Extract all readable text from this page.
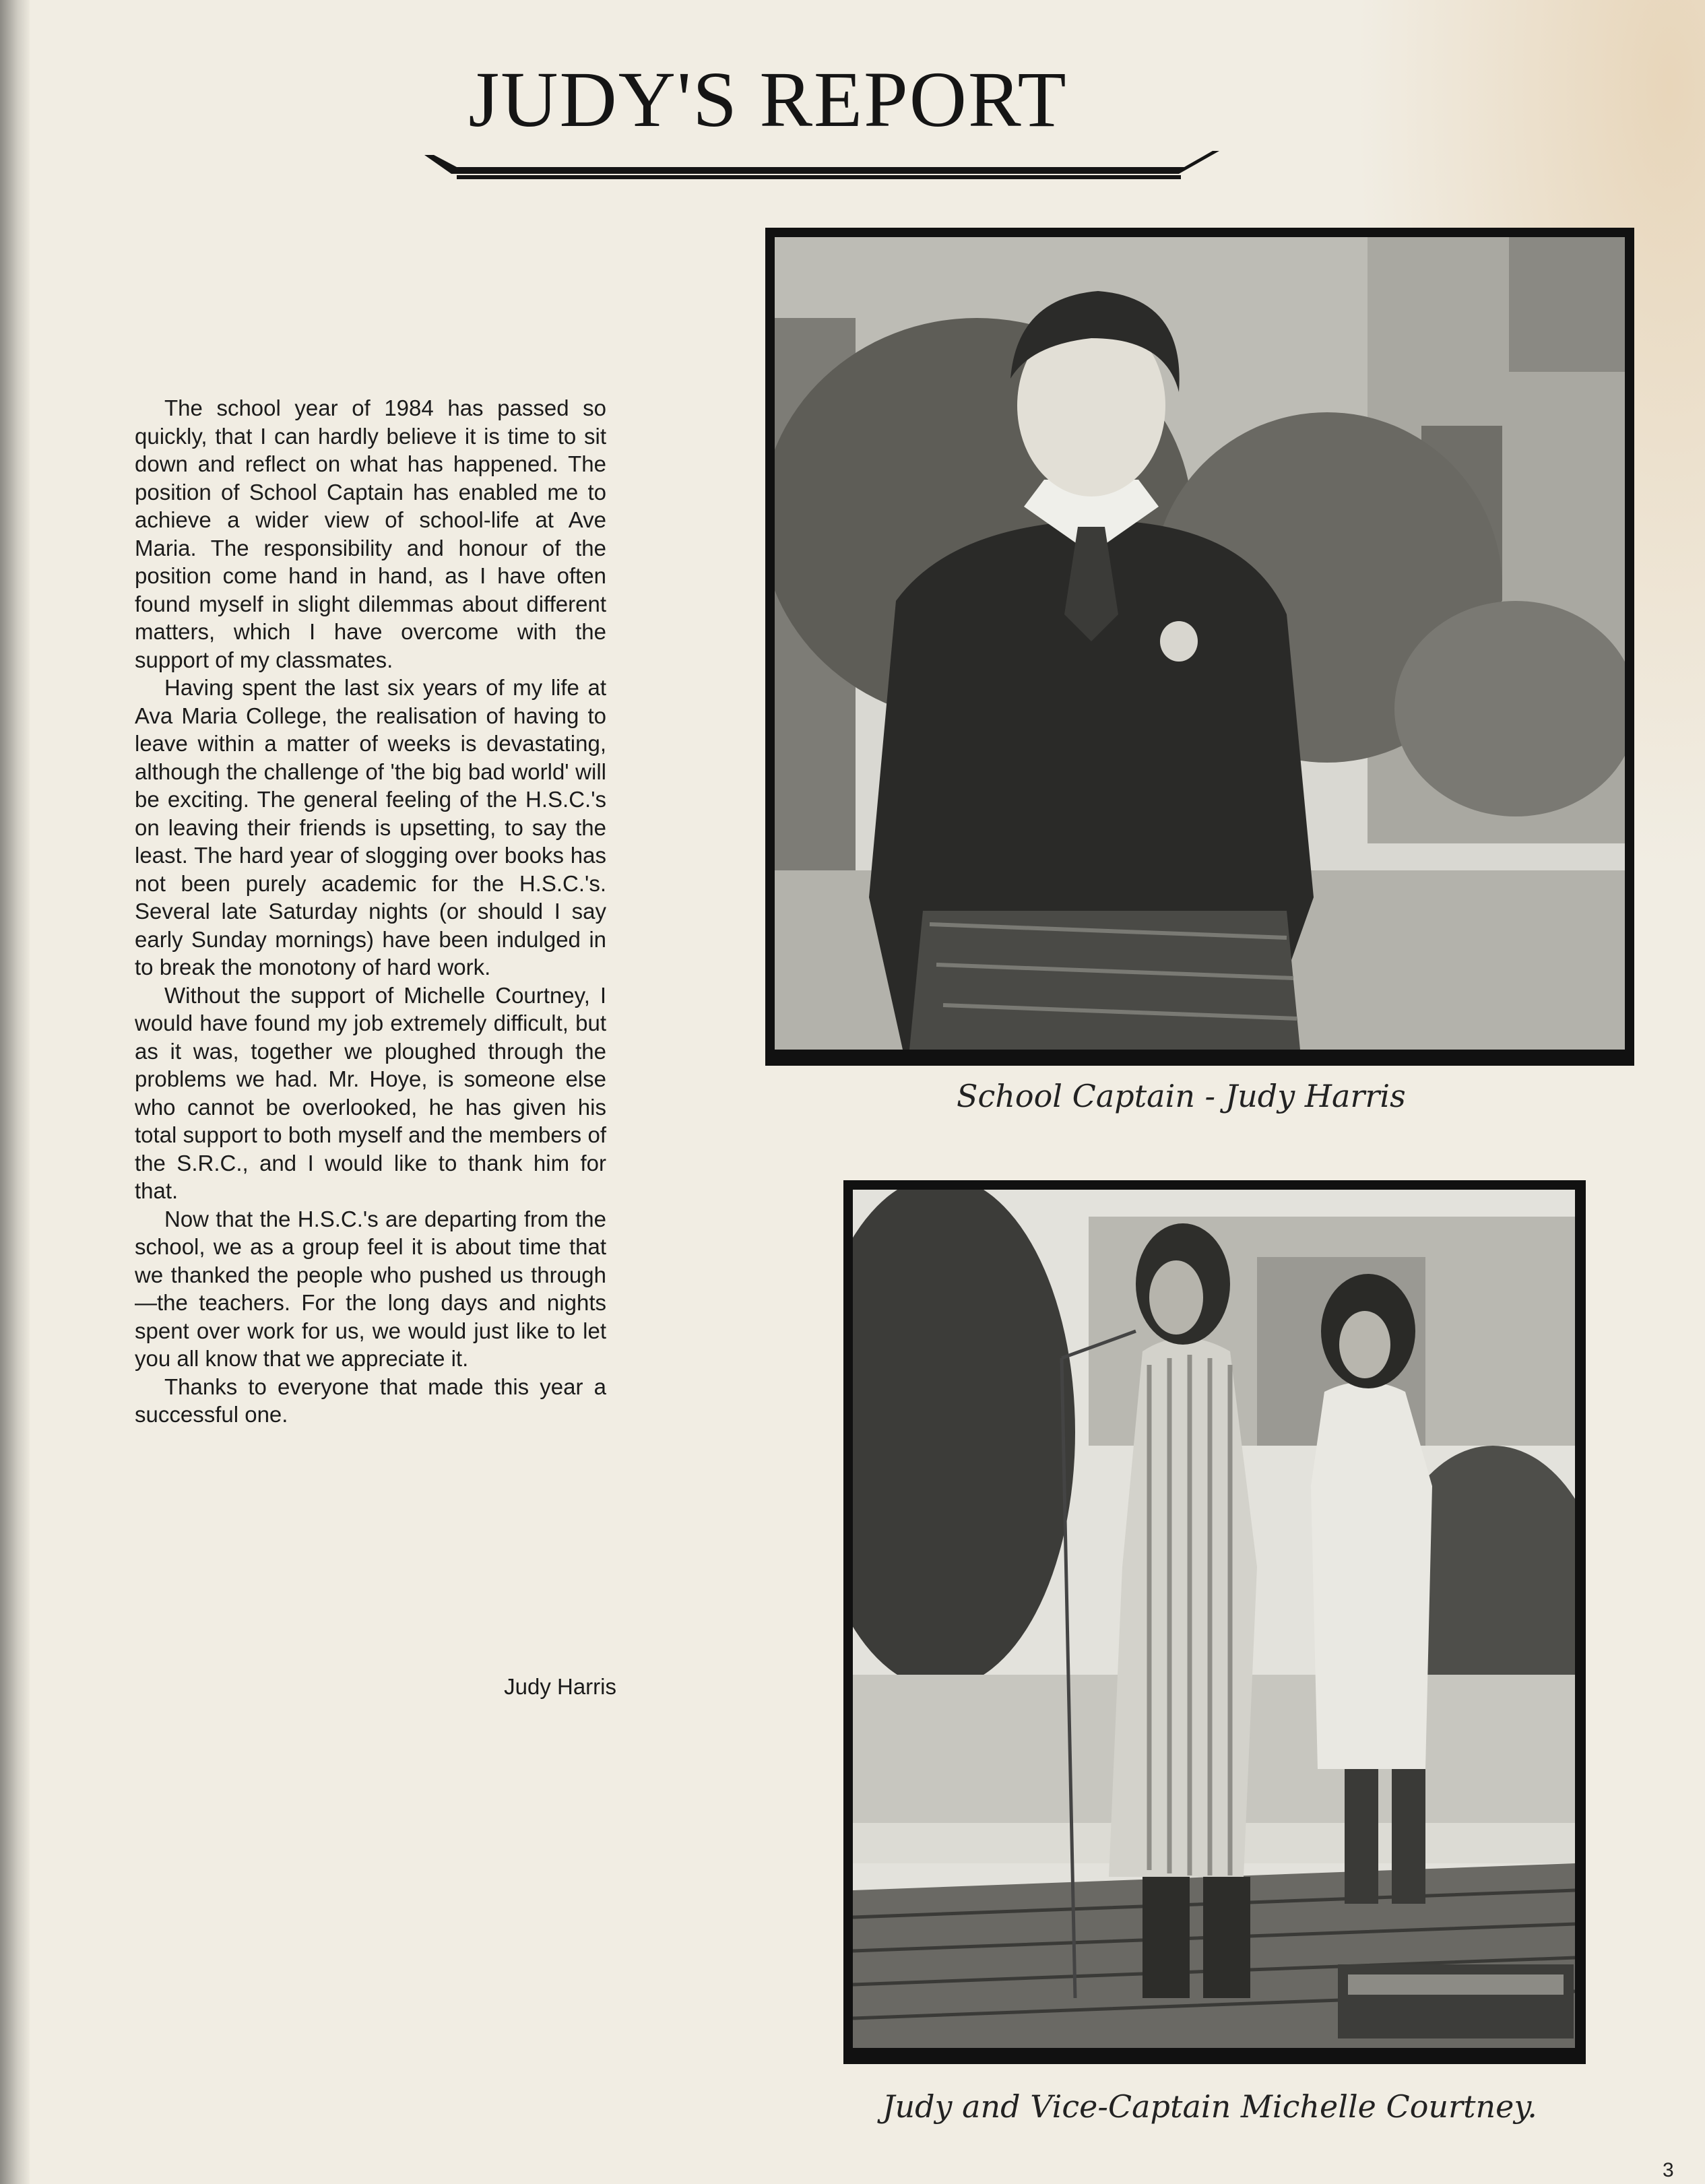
JUDY'S REPORT

The school year of 1984 has passed so quickly, that I can hardly believe it is time to sit down and reflect on what has happened. The position of School Captain has enabled me to achieve a wider view of school-life at Ave Maria. The responsibility and honour of the position come hand in hand, as I have often found myself in slight dilemmas about different matters, which I have overcome with the support of my classmates.

Having spent the last six years of my life at Ava Maria College, the realisation of having to leave within a matter of weeks is devastating, although the challenge of 'the big bad world' will be exciting. The general feeling of the H.S.C.'s on leaving their friends is upsetting, to say the least. The hard year of slogging over books has not been purely academic for the H.S.C.'s. Several late Saturday nights (or should I say early Sunday mornings) have been indulged in to break the monotony of hard work.

Without the support of Michelle Courtney, I would have found my job extremely difficult, but as it was, together we ploughed through the problems we had. Mr. Hoye, is someone else who cannot be overlooked, he has given his total support to both myself and the members of the S.R.C., and I would like to thank him for that.

Now that the H.S.C.'s are departing from the school, we as a group feel it is about time that we thanked the people who pushed us through—the teachers. For the long days and nights spent over work for us, we would just like to let you all know that we appreciate it.

Thanks to everyone that made this year a successful one.

Judy Harris
School Captain - Judy Harris
Judy and Vice-Captain Michelle Courtney.
3
